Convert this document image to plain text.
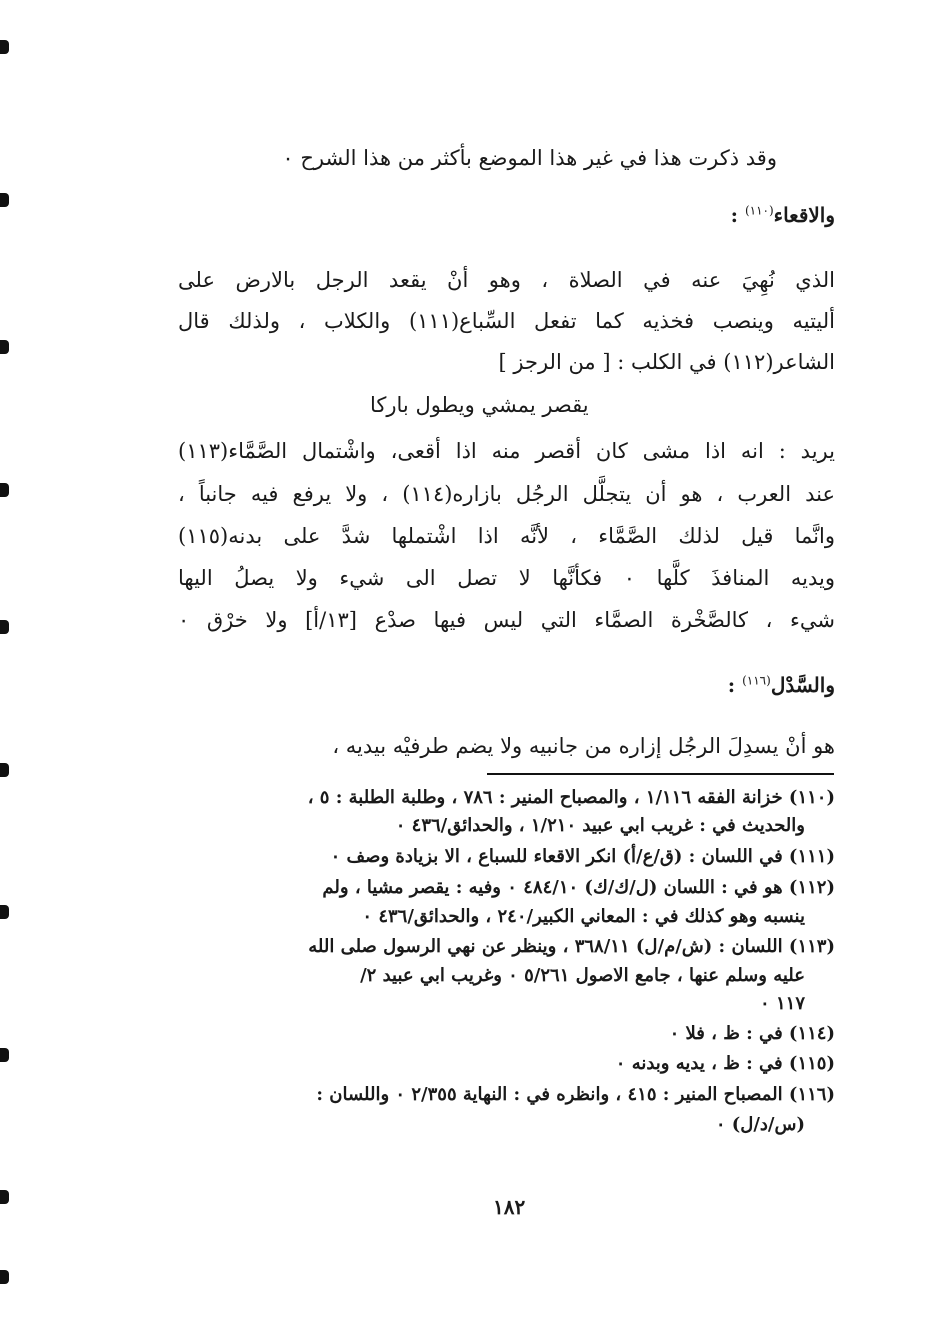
وقد ذكرت هذا في غير هذا الموضع بأكثر من هذا الشرح ٠
والاقعاء$^{(١١٠)}$ :
الذي نُهِيَ عنه في الصلاة ، وهو أنْ يقعد الرجل بالارض على
أليتيه وينصب فخذيه كما تفعل السِّباع(١١١) والكلاب ، ولذلك قال
الشاعر(١١٢) في الكلب : [ من الرجز ]
يقصر يمشي ويطول باركا
يريد : انه اذا مشى كان أقصر منه اذا أقعى، واشْتمال الصَّمَّاء(١١٣)
عند العرب ، هو أن يتجلَّل الرجُل بازاره(١١٤) ، ولا يرفع فيه جانباً ،
وانَّما قيل لذلك الصَّمَّاء ، لأنَّه اذا اشْتملها شدَّ على بدنه(١١٥)
ويديه المنافذَ كلَّها ٠ فكأنَّها لا تصل الى شيء ولا يصلُ اليها
شيء ، كالصَّخْرة الصمَّاء التي ليس فيها صدْع [١٣/أ] ولا خرْق ٠
والسَّدْل$^{(١١٦)}$ :
هو أنْ يسدِلَ الرجُل إزاره من جانبيه ولا يضم طرفيْه بيديه ،
(١١٠) خزانة الفقه ١/١١٦ ، والمصباح المنير : ٧٨٦ ، وطلبة الطلبة : ٥ ،
والحديث في : غريب ابي عبيد ١/٢١٠ ، والحدائق/٤٣٦ ٠
(١١١) في اللسان : (ق/ع/أ) انكر الاقعاء للسباع ، الا بزيادة وصف ٠
(١١٢) هو في : اللسان (ل/ك/ك) ٤٨٤/١٠ ٠ وفيه : يقصر مشيا ، ولم
ينسبه وهو كذلك في : المعاني الكبير/٢٤٠ ، والحدائق/٤٣٦ ٠
(١١٣) اللسان : (ش/م/ل) ٣٦٨/١١ ، وينظر عن نهي الرسول صلى الله
عليه وسلم عنها ، جامع الاصول ٥/٢٦١ ٠ وغريب ابي عبيد ٢/
١١٧ ٠
(١١٤) في : ظ ، فلا ٠
(١١٥) في : ظ ، يديه وبدنه ٠
(١١٦) المصباح المنير : ٤١٥ ، وانظره في : النهاية ٢/٣٥٥ ٠ واللسان :
(س/د/ل) ٠
١٨٢
